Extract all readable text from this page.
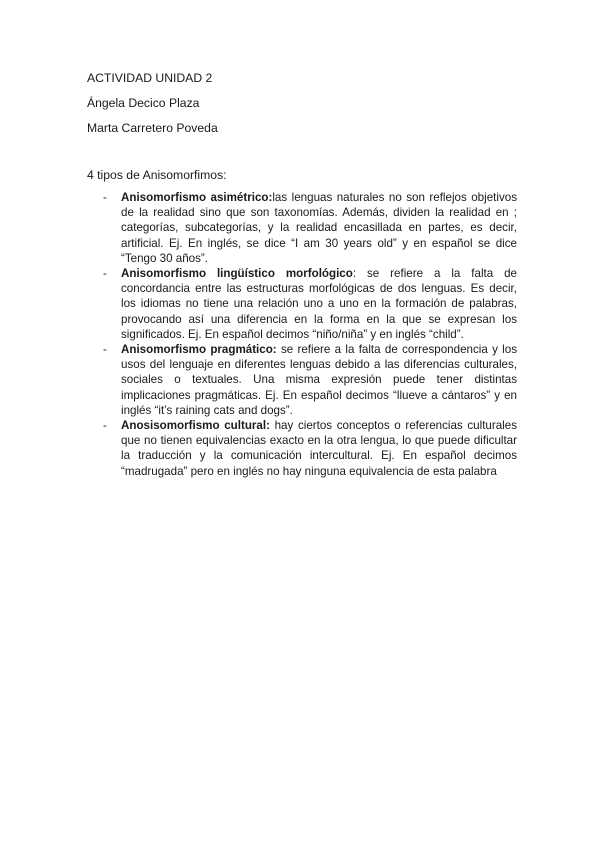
ACTIVIDAD UNIDAD 2
Ángela Decico Plaza
Marta Carretero Poveda
4 tipos de Anisomorfimos:
- Anisomorfismo asimétrico:las lenguas naturales no son reflejos objetivos de la realidad sino que son taxonomías. Además, dividen la realidad en ; categorías, subcategorías, y la realidad encasillada en partes, es decir, artificial. Ej. En inglés, se dice “I am 30 years old” y en español se dice “Tengo 30 años”.
- Anisomorfismo lingüístico morfológico: se refiere a la falta de concordancia entre las estructuras morfológicas de dos lenguas. Es decir, los idiomas no tiene una relación uno a uno en la formación de palabras, provocando así una diferencia en la forma en la que se expresan los significados. Ej. En español decimos “niño/niña” y en inglés “child”.
- Anisomorfismo pragmático: se refiere a la falta de correspondencia y los usos del lenguaje en diferentes lenguas debido a las diferencias culturales, sociales o textuales. Una misma expresión puede tener distintas implicaciones pragmáticas. Ej. En español decimos “llueve a cántaros” y en inglés “it’s raining cats and dogs”.
- Anosisomorfismo cultural: hay ciertos conceptos o referencias culturales que no tienen equivalencias exacto en la otra lengua, lo que puede dificultar la traducción y la comunicación intercultural. Ej. En español decimos “madrugada” pero en inglés no hay ninguna equivalencia de esta palabra
